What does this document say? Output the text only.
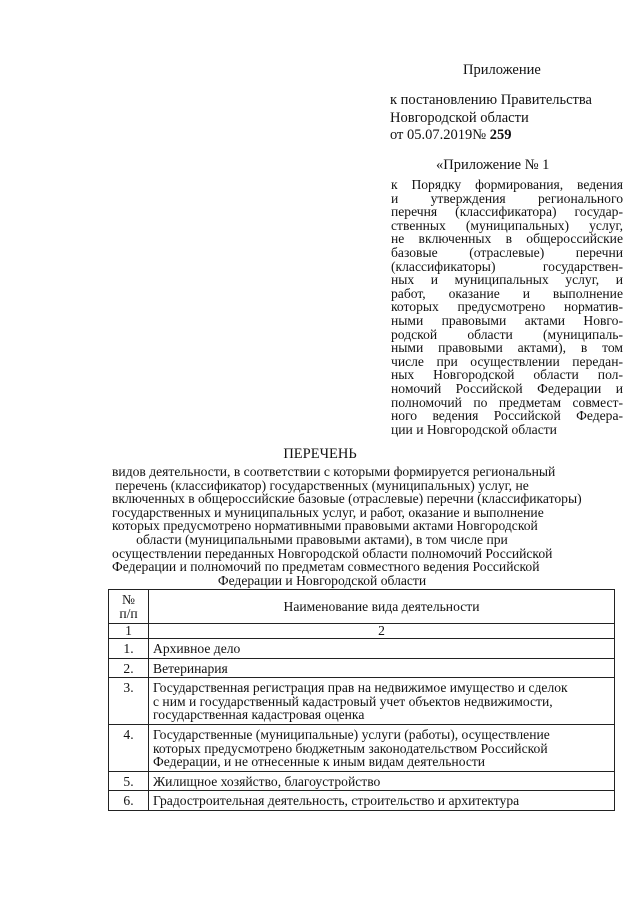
Приложение
к постановлению Правительства
Новгородской области
от 05.07.2019№ 259
«Приложение № 1
к Порядку формирования, ведения
и утверждения регионального
перечня (классификатора) государ-
ственных (муниципальных) услуг,
не включенных в общероссийские
базовые (отраслевые) перечни
(классификаторы) государствен-
ных и муниципальных услуг, и
работ, оказание и выполнение
которых предусмотрено норматив-
ными правовыми актами Новго-
родской области (муниципаль-
ными правовыми актами), в том
числе при осуществлении передан-
ных Новгородской области пол-
номочий Российской Федерации и
полномочий по предметам совмест-
ного ведения Российской Федера-
ции и Новгородской области
ПЕРЕЧЕНЬ
видов деятельности, в соответствии с которыми формируется региональный
перечень (классификатор) государственных (муниципальных) услуг, не
включенных в общероссийские базовые (отраслевые) перечни (классификаторы)
государственных и муниципальных услуг, и работ, оказание и выполнение
которых предусмотрено нормативными правовыми актами Новгородской
области (муниципальными правовыми актами), в том числе при
осуществлении переданных Новгородской области полномочий Российской
Федерации и полномочий по предметам совместного ведения Российской
Федерации и Новгородской области
№
п/п	Наименование вида деятельности
1	2
1.	Архивное дело

2.	Ветеринария

3.	Государственная регистрация прав на недвижимое имущество и сделок
с ним и государственный кадастровый учет объектов недвижимости,
государственная кадастровая оценка

4.	Государственные (муниципальные) услуги (работы), осуществление
которых предусмотрено бюджетным законодательством Российской
Федерации, и не отнесенные к иным видам деятельности

5.	Жилищное хозяйство, благоустройство

6.	Градостроительная деятельность, строительство и архитектура
